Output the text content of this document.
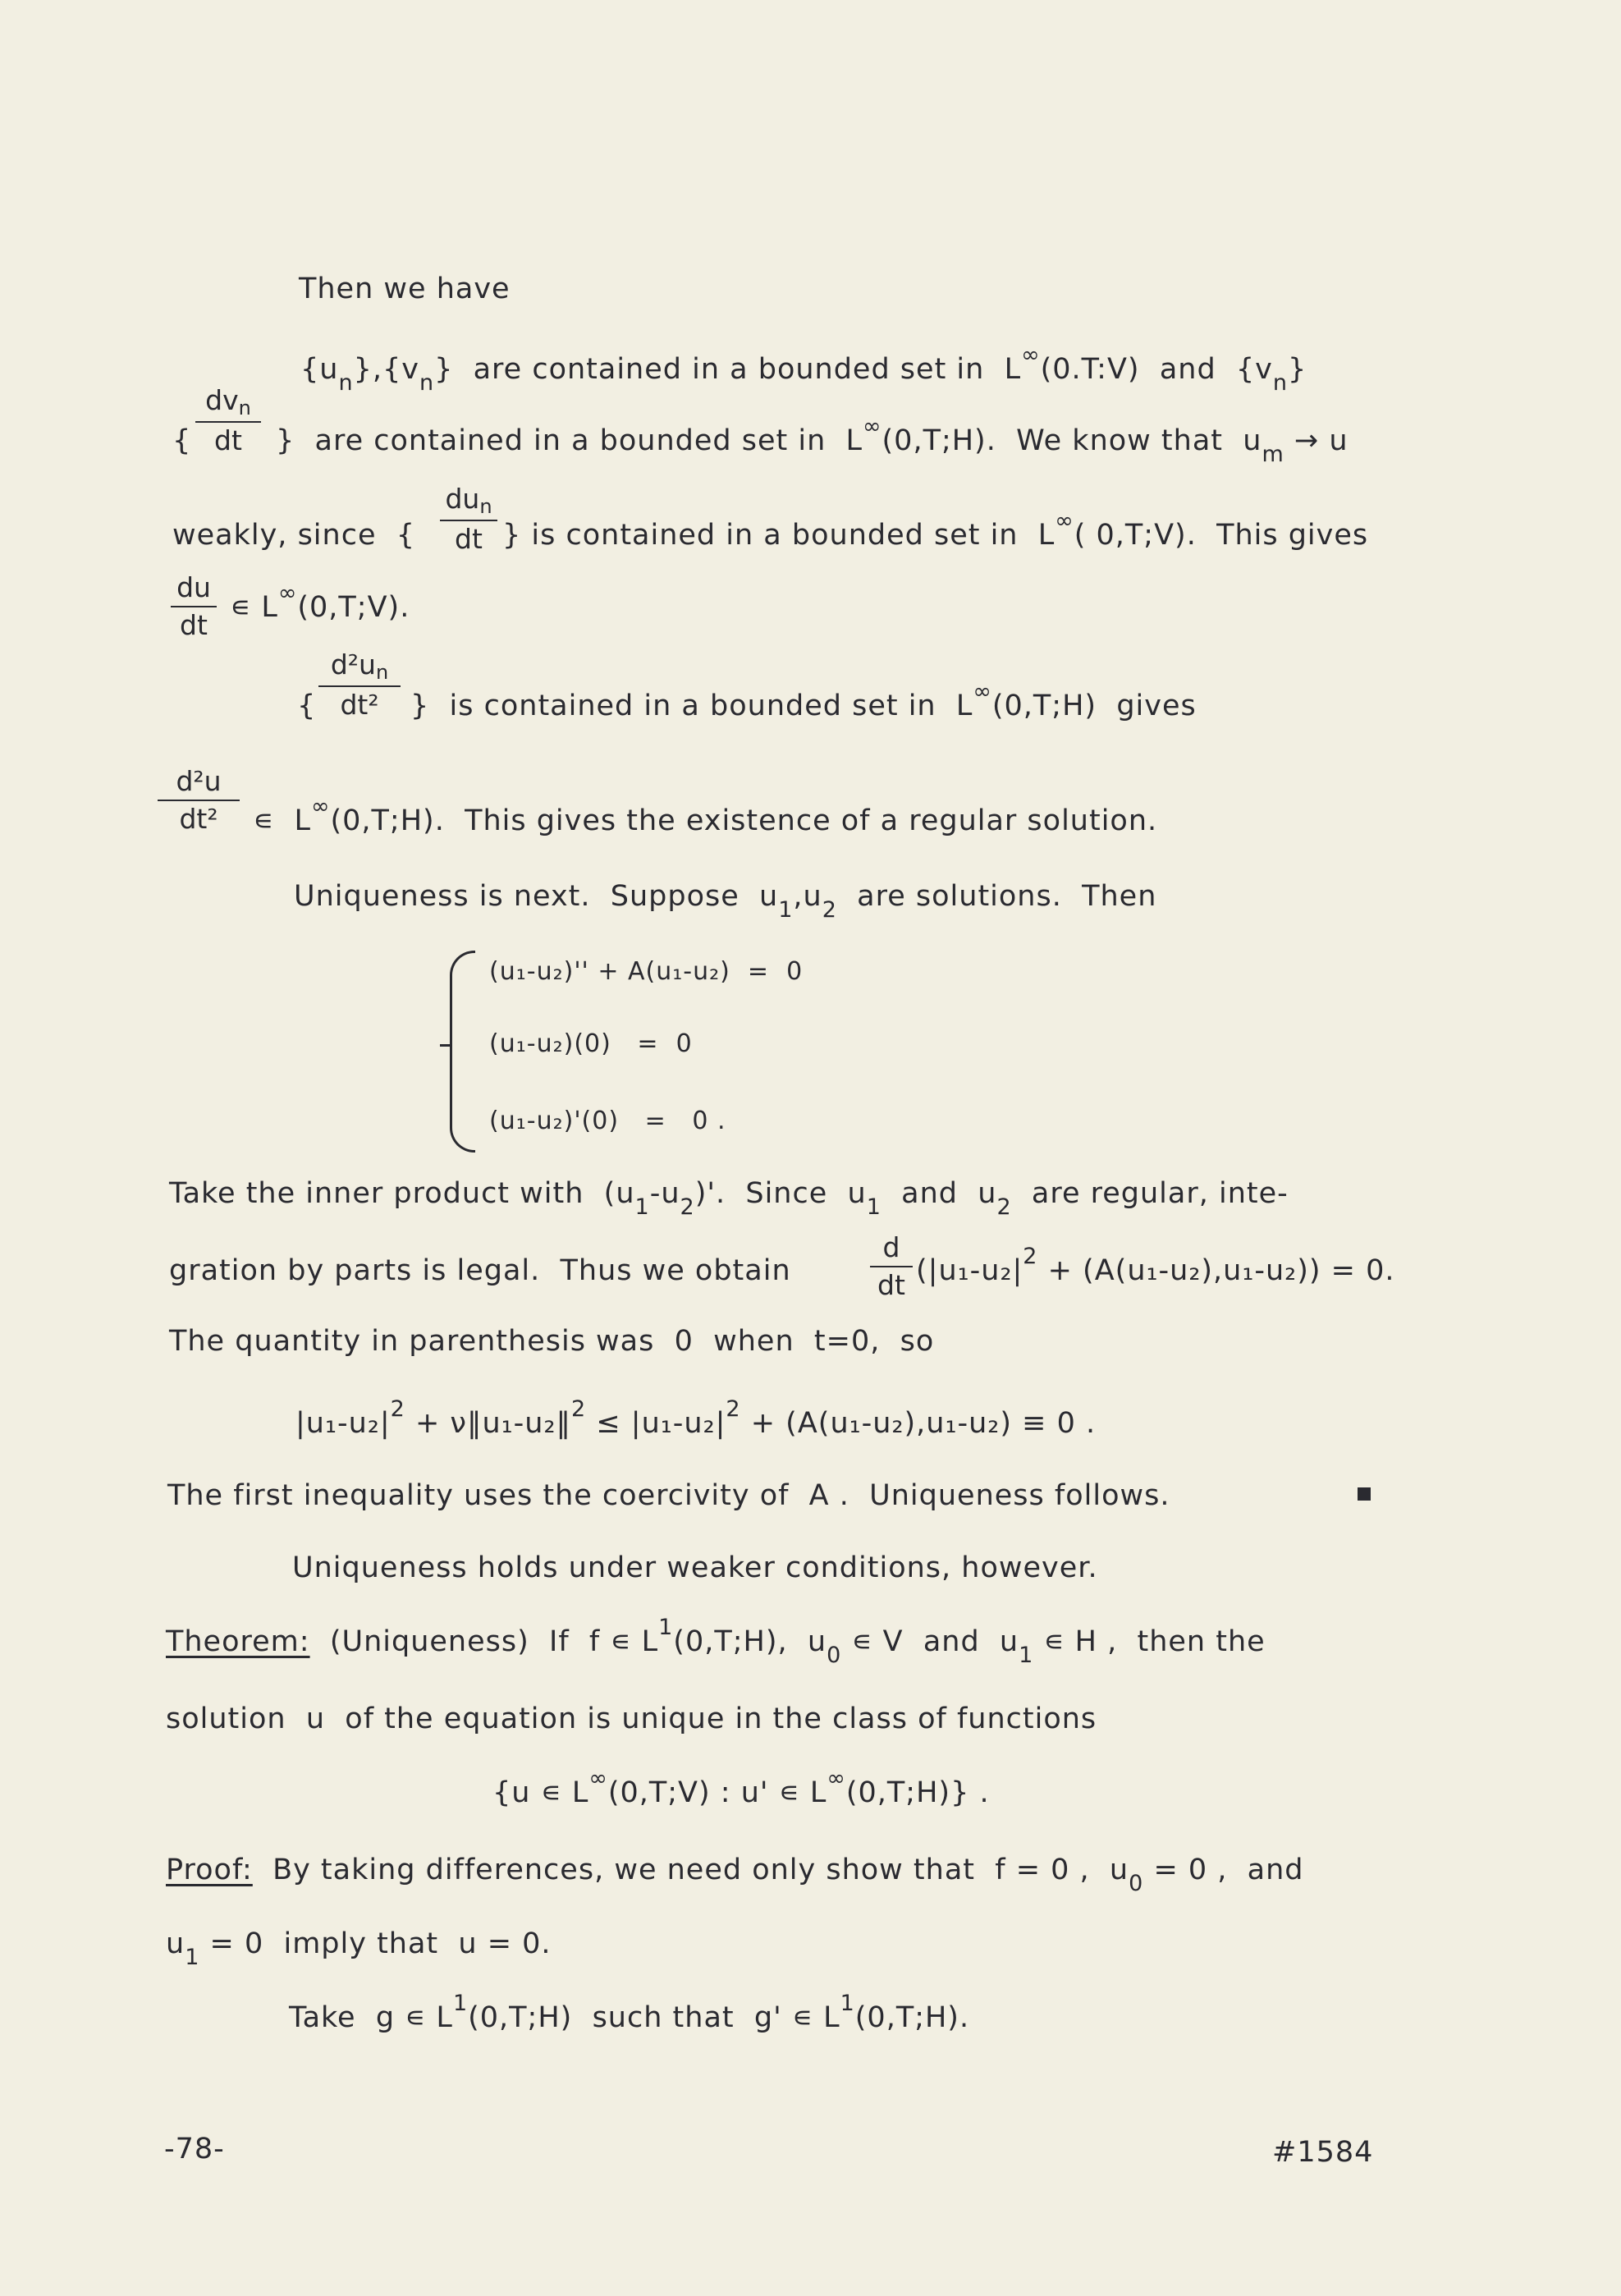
Then we have
$\{u_n\},\{v_n\}$  are contained in a bounded set in  L∞(0.T:V)  and  $\{v_n\}$
{
dvn
dt	}  are contained in a bounded set in  L∞(0,T;H).  We know that  $u_m \to u$
weakly, since  {
dun
dt } is contained in a bounded set in  L∞( 0,T;V).  This gives
du
dt
∊ L∞(0,T;V).
{
d²un
dt²	}  is contained in a bounded set in  L∞(0,T;H)  gives
d²u
dt² ∊  L∞(0,T;H).  This gives the existence of a regular solution.
Uniqueness is next.  Suppose  $u_1,u_2$  are solutions.  Then
(u₁-u₂)'' + A(u₁-u₂)  =  0
(u₁-u₂)(0)   =  0
(u₁-u₂)'(0)   =   0 .
Take the inner product with  $(u_1-u_2)'$.  Since  $u_1$  and  $u_2$  are regular, inte-
gration by parts is legal.  Thus we obtain
d
dt $(|u_1-u_2|^2 + (A(u_1-u_2),u_1-u_2)) = 0$.
The quantity in parenthesis was  0  when  t=0,  so
$|u_1-u_2|^2$ + ν‖u₁-u₂‖$^2$ ≤ $|u_1-u_2|^2 + (A(u_1-u_2),u_1-u_2) \equiv 0$ .
The first inequality uses the coercivity of  A .  Uniqueness follows.
Uniqueness holds under weaker conditions, however.
Theorem:  (Uniqueness)  If  f ∊ $L^1(0,T;H)$,  $u_0$ ∊ V  and  $u_1$ ∊ H ,  then the
solution  u  of the equation is unique in the class of functions
{u ∊ L∞(0,T;V) : u' ∊ L∞(0,T;H)} .
Proof:  By taking differences, we need only show that  f = 0 ,  $u_0 = 0$ ,  and
$u_1 = 0$  imply that  u = 0.
Take  g ∊ $L^1(0,T;H)$  such that  g' ∊ $L^1(0,T;H)$.
-78-	#1584
